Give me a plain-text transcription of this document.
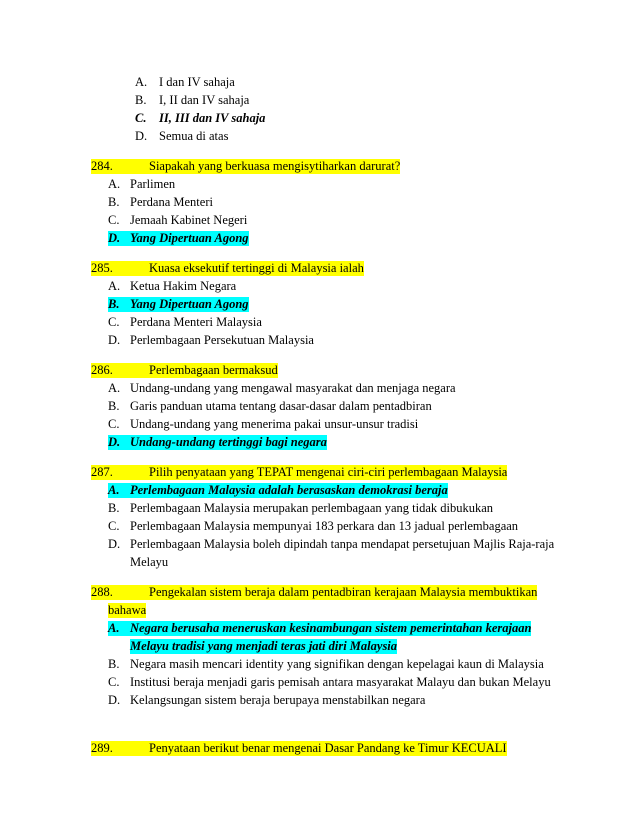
A. I dan IV sahaja
B. I, II dan IV sahaja
C. II, III dan IV sahaja
D. Semua di atas
284.	Siapakah yang berkuasa mengisytiharkan darurat?
A. Parlimen
B. Perdana Menteri
C. Jemaah Kabinet Negeri
D. Yang Dipertuan Agong
285.	Kuasa eksekutif tertinggi di Malaysia ialah
A. Ketua Hakim Negara
B. Yang Dipertuan Agong
C. Perdana Menteri Malaysia
D. Perlembagaan Persekutuan Malaysia
286.	Perlembagaan bermaksud
A. Undang-undang yang mengawal masyarakat dan menjaga negara
B. Garis panduan utama tentang dasar-dasar dalam pentadbiran
C. Undang-undang yang menerima pakai unsur-unsur tradisi
D. Undang-undang tertinggi bagi negara
287.	Pilih penyataan yang TEPAT mengenai ciri-ciri perlembagaan Malaysia
A. Perlembagaan Malaysia adalah berasaskan demokrasi beraja
B. Perlembagaan Malaysia merupakan perlembagaan yang tidak dibukukan
C. Perlembagaan Malaysia mempunyai 183 perkara dan 13 jadual perlembagaan
D. Perlembagaan Malaysia boleh dipindah tanpa mendapat persetujuan Majlis Raja-raja
Melayu
288.	Pengekalan sistem beraja dalam pentadbiran kerajaan Malaysia membuktikan
bahawa
A. Negara berusaha meneruskan kesinambungan sistem pemerintahan kerajaan
Melayu tradisi yang menjadi teras jati diri Malaysia
B. Negara masih mencari identity yang signifikan dengan kepelagai kaun di Malaysia
C. Institusi beraja menjadi garis pemisah antara masyarakat Malayu dan bukan Melayu
D. Kelangsungan sistem beraja berupaya menstabilkan negara
289.	Penyataan berikut benar mengenai Dasar Pandang ke Timur KECUALI
